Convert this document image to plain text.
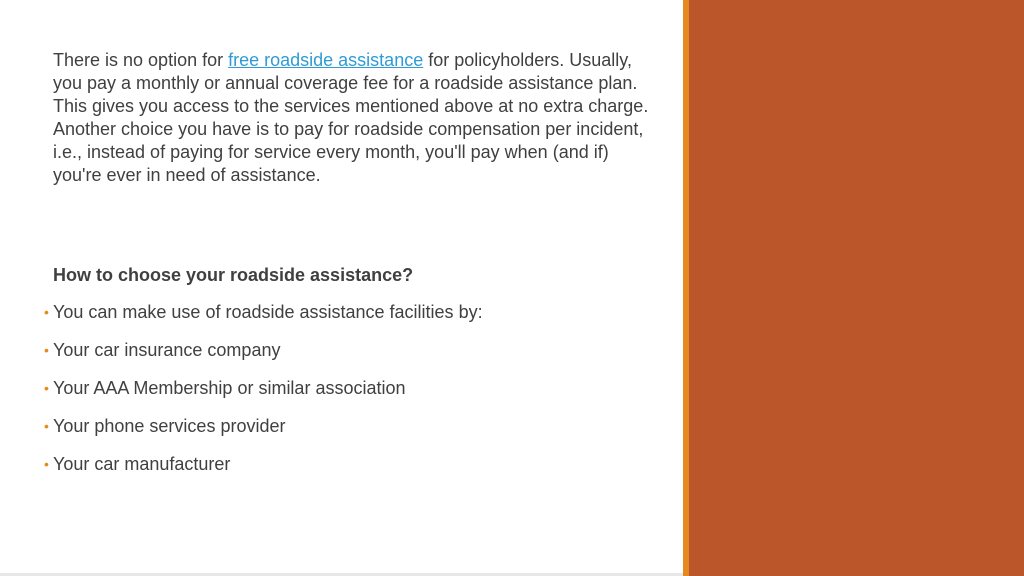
There is no option for free roadside assistance for policyholders. Usually, you pay a monthly or annual coverage fee for a roadside assistance plan. This gives you access to the services mentioned above at no extra charge. Another choice you have is to pay for roadside compensation per incident, i.e., instead of paying for service every month, you'll pay when (and if) you're ever in need of assistance.

How to choose your roadside assistance?
• You can make use of roadside assistance facilities by:
• Your car insurance company
• Your AAA Membership or similar association
• Your phone services provider
• Your car manufacturer
